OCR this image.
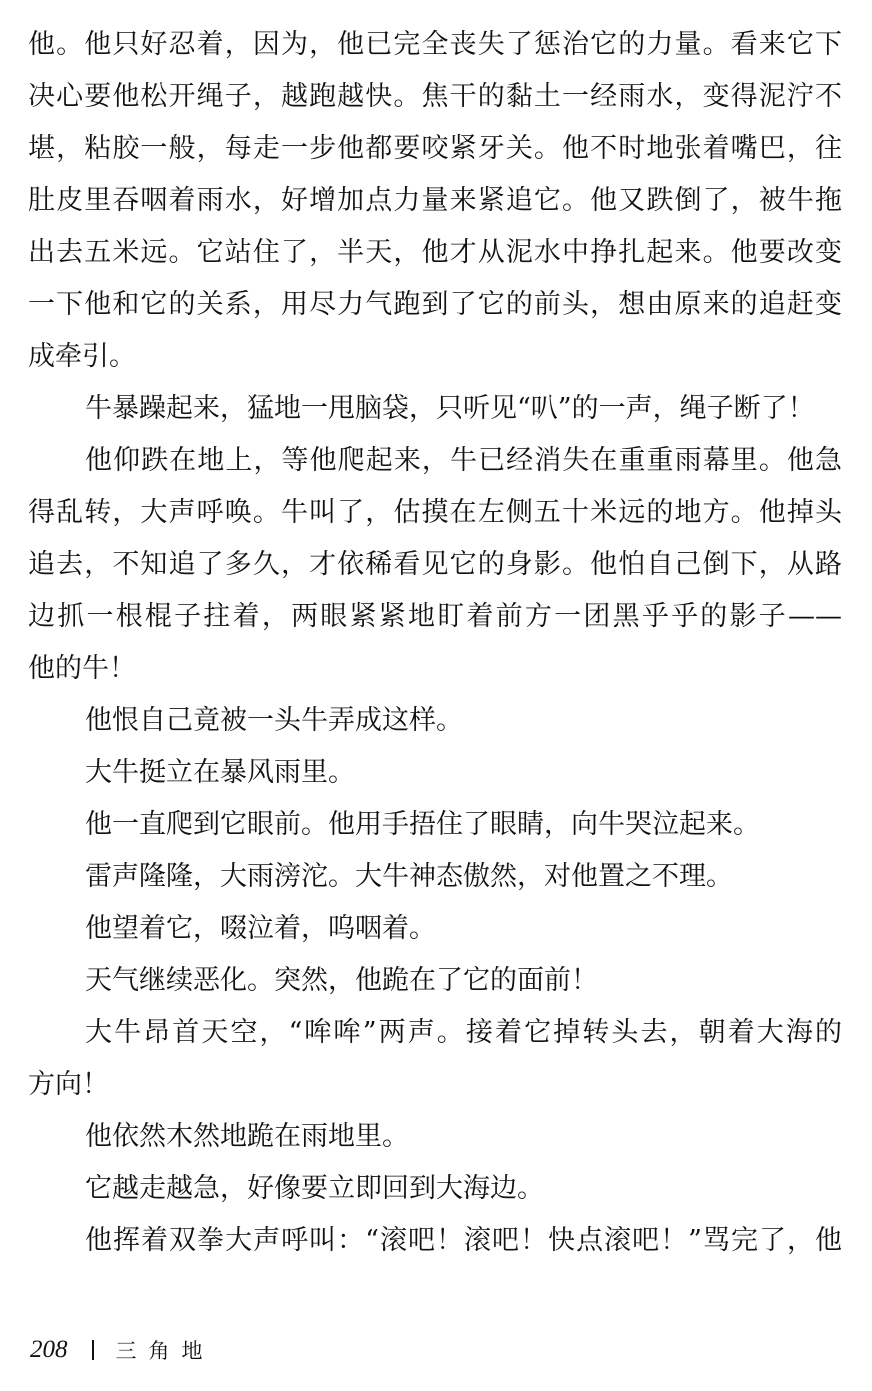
他。他只好忍着，因为，他已完全丧失了惩治它的力量。看来它下
决心要他松开绳子，越跑越快。焦干的黏土一经雨水，变得泥泞不
堪，粘胶一般，每走一步他都要咬紧牙关。他不时地张着嘴巴，往
肚皮里吞咽着雨水，好增加点力量来紧追它。他又跌倒了，被牛拖
出去五米远。它站住了，半天，他才从泥水中挣扎起来。他要改变
一下他和它的关系，用尽力气跑到了它的前头，想由原来的追赶变
成牵引。
牛暴躁起来，猛地一甩脑袋，只听见“叭”的一声，绳子断了！
他仰跌在地上，等他爬起来，牛已经消失在重重雨幕里。他急
得乱转，大声呼唤。牛叫了，估摸在左侧五十米远的地方。他掉头
追去，不知追了多久，才依稀看见它的身影。他怕自己倒下，从路
边抓一根棍子拄着，两眼紧紧地盯着前方一团黑乎乎的影子——
他的牛！
他恨自己竟被一头牛弄成这样。
大牛挺立在暴风雨里。
他一直爬到它眼前。他用手捂住了眼睛，向牛哭泣起来。
雷声隆隆，大雨滂沱。大牛神态傲然，对他置之不理。
他望着它，啜泣着，呜咽着。
天气继续恶化。突然，他跪在了它的面前！
大牛昂首天空，“哞哞”两声。接着它掉转头去，朝着大海的
方向！
他依然木然地跪在雨地里。
它越走越急，好像要立即回到大海边。
他挥着双拳大声呼叫：“滚吧！滚吧！快点滚吧！”骂完了，他
208 三角地
